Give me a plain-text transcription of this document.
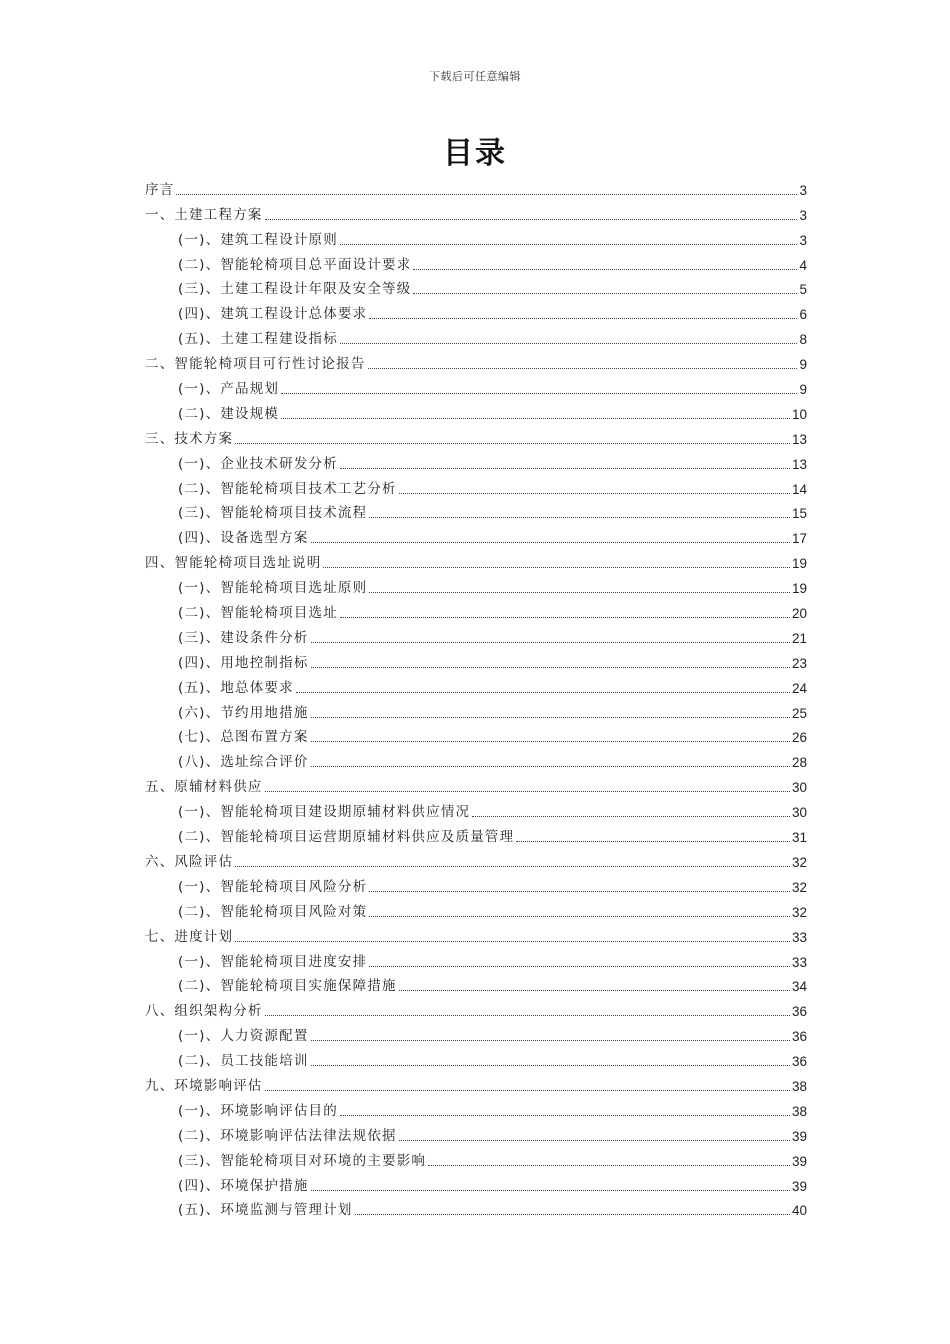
下载后可任意编辑
目录
序言	3
一、土建工程方案	3
(一)、建筑工程设计原则	3
(二)、智能轮椅项目总平面设计要求	4
(三)、土建工程设计年限及安全等级	5
(四)、建筑工程设计总体要求	6
(五)、土建工程建设指标	8
二、智能轮椅项目可行性讨论报告	9
(一)、产品规划	9
(二)、建设规模	10
三、技术方案	13
(一)、企业技术研发分析	13
(二)、智能轮椅项目技术工艺分析	14
(三)、智能轮椅项目技术流程	15
(四)、设备选型方案	17
四、智能轮椅项目选址说明	19
(一)、智能轮椅项目选址原则	19
(二)、智能轮椅项目选址	20
(三)、建设条件分析	21
(四)、用地控制指标	23
(五)、地总体要求	24
(六)、节约用地措施	25
(七)、总图布置方案	26
(八)、选址综合评价	28
五、原辅材料供应	30
(一)、智能轮椅项目建设期原辅材料供应情况	30
(二)、智能轮椅项目运营期原辅材料供应及质量管理	31
六、风险评估	32
(一)、智能轮椅项目风险分析	32
(二)、智能轮椅项目风险对策	32
七、进度计划	33
(一)、智能轮椅项目进度安排	33
(二)、智能轮椅项目实施保障措施	34
八、组织架构分析	36
(一)、人力资源配置	36
(二)、员工技能培训	36
九、环境影响评估	38
(一)、环境影响评估目的	38
(二)、环境影响评估法律法规依据	39
(三)、智能轮椅项目对环境的主要影响	39
(四)、环境保护措施	39
(五)、环境监测与管理计划	40
